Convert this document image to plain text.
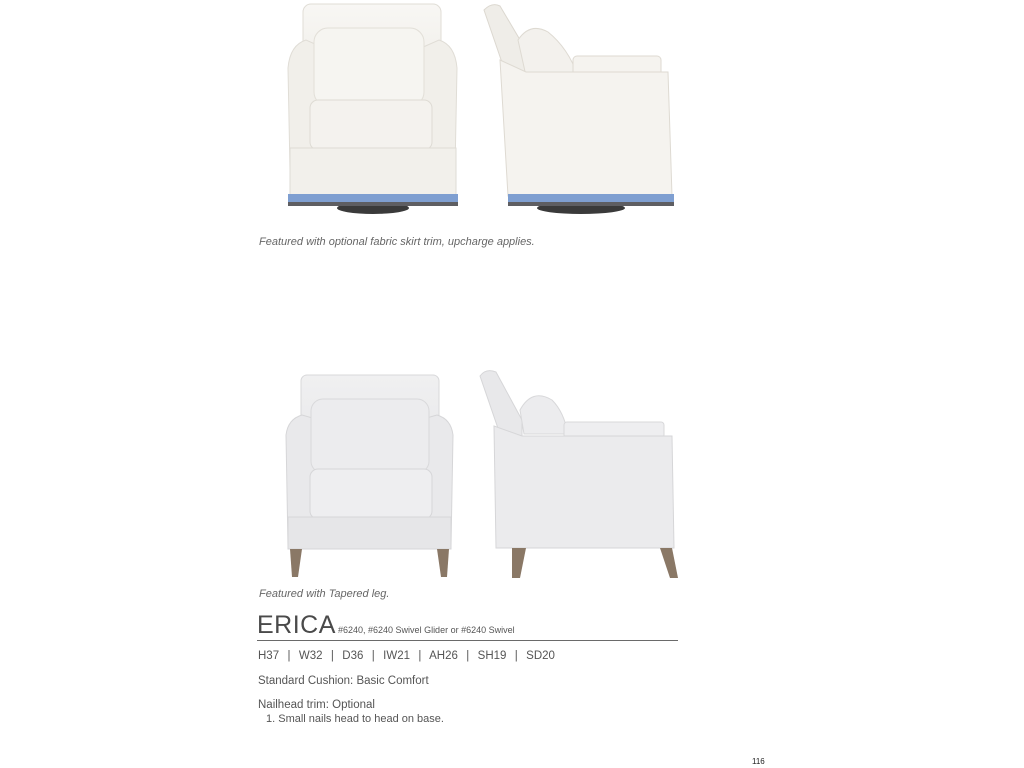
Featured with optional fabric skirt trim, upcharge applies.
Featured with Tapered leg.
ERICA #6240, #6240 Swivel Glider or #6240 Swivel
H37  |  W32  |  D36  |  IW21  |  AH26  |  SH19  |  SD20
Standard Cushion: Basic Comfort
Nailhead trim: Optional
1. Small nails head to head on base.
116
